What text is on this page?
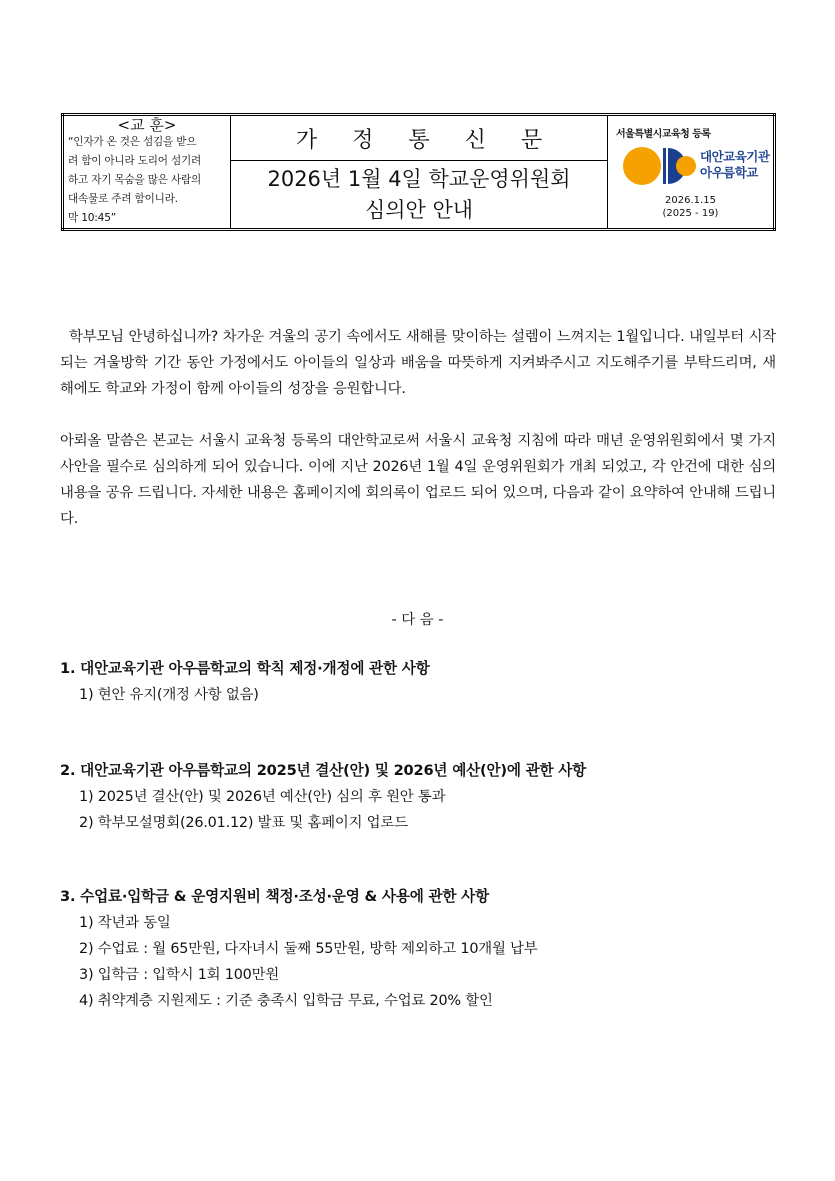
<교 훈>
“인자가 온 것은 섬김을 받으
려 함이 아니라 도리어 섬기려
하고 자기 목숨을 많은 사람의
대속물로 주려 함이니라.
막 10:45”
	가 정 통 신 문	서울특별시교육청 등록
대안교육기관
아우름학교
2026.1.15
(2025 - 19)

2026년 1월 4일 학교운영위원회
심의안 안내
학부모님 안녕하십니까? 차가운 겨울의 공기 속에서도 새해를 맞이하는 설렘이 느껴지는 1월입니다. 내일부터 시작되는 겨울방학 기간 동안 가정에서도 아이들의 일상과 배움을 따뜻하게 지켜봐주시고 지도해주기를 부탁드리며, 새 해에도 학교와 가정이 함께 아이들의 성장을 응원합니다.
아뢰올 말씀은 본교는 서울시 교육청 등록의 대안학교로써 서울시 교육청 지침에 따라 매년 운영위원회에서 몇 가지 사안을 필수로 심의하게 되어 있습니다. 이에 지난 2026년 1월 4일 운영위원회가 개최 되었고, 각 안건에 대한 심의 내용을 공유 드립니다. 자세한 내용은 홈페이지에 회의록이 업로드 되어 있으며, 다음과 같이 요약하여 안내해 드립니다.
- 다 음 -
1. 대안교육기관 아우름학교의 학칙 제정·개정에 관한 사항
1) 현안 유지(개정 사항 없음)
2. 대안교육기관 아우름학교의 2025년 결산(안) 및 2026년 예산(안)에 관한 사항
1) 2025년 결산(안) 및 2026년 예산(안) 심의 후 원안 통과
2) 학부모설명회(26.01.12) 발표 및 홈페이지 업로드
3. 수업료·입학금 & 운영지원비 책정·조성·운영 & 사용에 관한 사항
1) 작년과 동일
2) 수업료 : 월 65만원, 다자녀시 둘째 55만원, 방학 제외하고 10개월 납부
3) 입학금 : 입학시 1회 100만원
4) 취약계층 지원제도 : 기준 충족시 입학금 무료, 수업료 20% 할인
